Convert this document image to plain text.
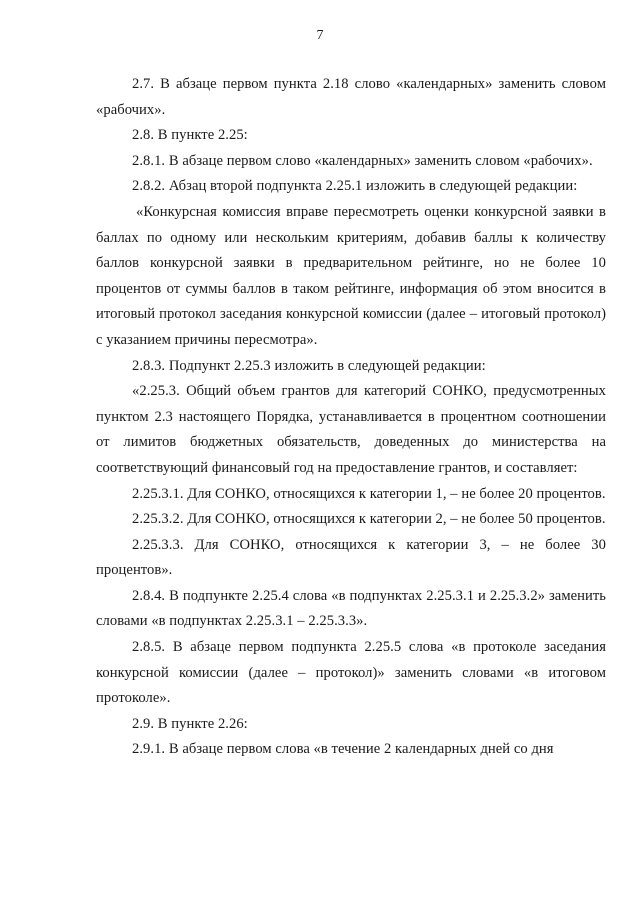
7

2.7. В абзаце первом пункта 2.18 слово «календарных» заменить словом «рабочих».

2.8. В пункте 2.25:

2.8.1. В абзаце первом слово «календарных» заменить словом «рабочих».

2.8.2. Абзац второй подпункта 2.25.1 изложить в следующей редакции:

«Конкурсная комиссия вправе пересмотреть оценки конкурсной заявки в баллах по одному или нескольким критериям, добавив баллы к количеству баллов конкурсной заявки в предварительном рейтинге, но не более 10 процентов от суммы баллов в таком рейтинге, информация об этом вносится в итоговый протокол заседания конкурсной комиссии (далее – итоговый протокол) с указанием причины пересмотра».

2.8.3. Подпункт 2.25.3 изложить в следующей редакции:

«2.25.3. Общий объем грантов для категорий СОНКО, предусмотренных пунктом 2.3 настоящего Порядка, устанавливается в процентном соотношении от лимитов бюджетных обязательств, доведенных до министерства на соответствующий финансовый год на предоставление грантов, и составляет:

2.25.3.1. Для СОНКО, относящихся к категории 1, – не более 20 процентов.

2.25.3.2. Для СОНКО, относящихся к категории 2, – не более 50 процентов.

2.25.3.3. Для СОНКО, относящихся к категории 3, – не более 30 процентов».

2.8.4. В подпункте 2.25.4 слова «в подпунктах 2.25.3.1 и 2.25.3.2» заменить словами «в подпунктах 2.25.3.1 – 2.25.3.3».

2.8.5. В абзаце первом подпункта 2.25.5 слова «в протоколе заседания конкурсной комиссии (далее – протокол)» заменить словами «в итоговом протоколе».

2.9. В пункте 2.26:

2.9.1. В абзаце первом слова «в течение 2 календарных дней со дня
